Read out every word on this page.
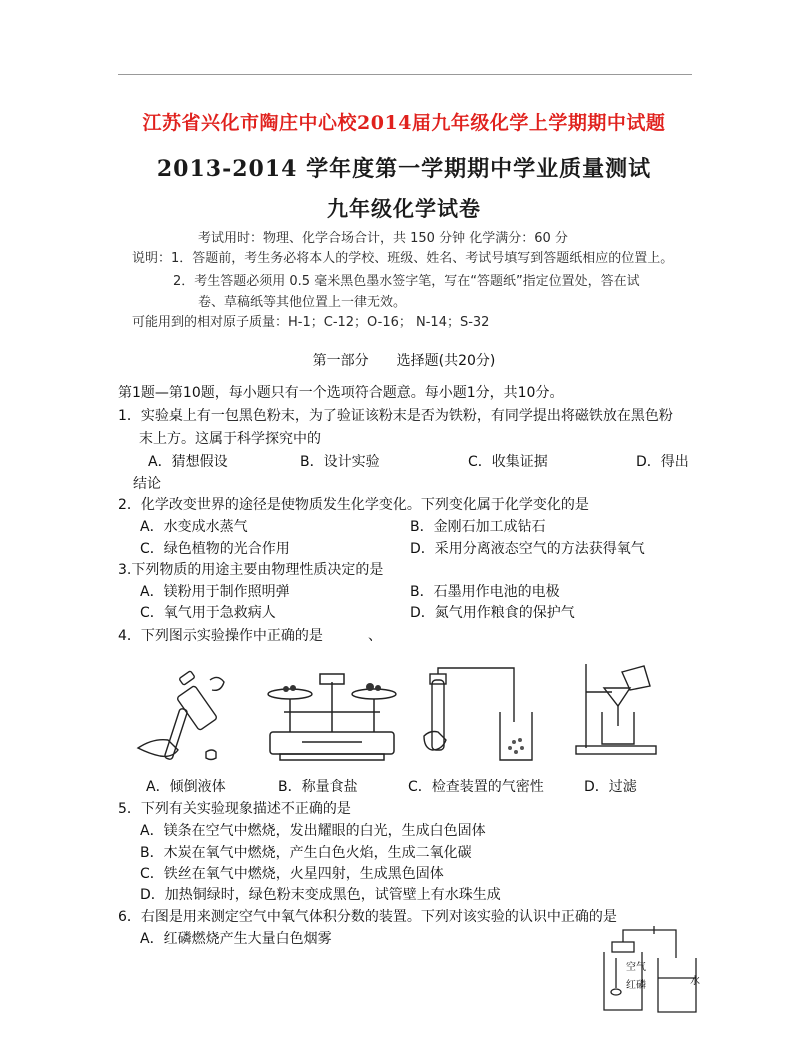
江苏省兴化市陶庄中心校2014届九年级化学上学期期中试题
2013-2014 学年度第一学期期中学业质量测试
九年级化学试卷
考试用时：物理、化学合场合计，共 150 分钟 化学满分：60 分
说明：1．答题前，考生务必将本人的学校、班级、姓名、考试号填写到答题纸相应的位置上。
2．考生答题必须用 0.5 毫米黑色墨水签字笔，写在“答题纸”指定位置处，答在试
卷、草稿纸等其他位置上一律无效。
可能用到的相对原子质量：H-1；C-12；O-16； N-14；S-32
第一部分　　选择题(共20分)
第1题—第10题，每小题只有一个选项符合题意。每小题1分，共10分。
1．实验桌上有一包黑色粉末，为了验证该粉末是否为铁粉，有同学提出将磁铁放在黑色粉
末上方。这属于科学探究中的
A．猜想假设	B．设计实验	C．收集证据	D．得出
结论
2．化学改变世界的途径是使物质发生化学变化。下列变化属于化学变化的是
A．水变成水蒸气	B．金刚石加工成钻石
C．绿色植物的光合作用	D．采用分离液态空气的方法获得氧气
3.下列物质的用途主要由物理性质决定的是
A．镁粉用于制作照明弹	B．石墨用作电池的电极
C．氧气用于急救病人	D．氮气用作粮食的保护气
4．下列图示实验操作中正确的是	、
A．倾倒液体	B．称量食盐	C．检查装置的气密性	D．过滤
5．下列有关实验现象描述不正确的是
A．镁条在空气中燃烧，发出耀眼的白光，生成白色固体
B．木炭在氧气中燃烧，产生白色火焰，生成二氧化碳
C．铁丝在氧气中燃烧，火星四射，生成黑色固体
D．加热铜绿时，绿色粉末变成黑色，试管壁上有水珠生成
6．右图是用来测定空气中氧气体积分数的装置。下列对该实验的认识中正确的是
A．红磷燃烧产生大量白色烟雾
空气
红磷	水
